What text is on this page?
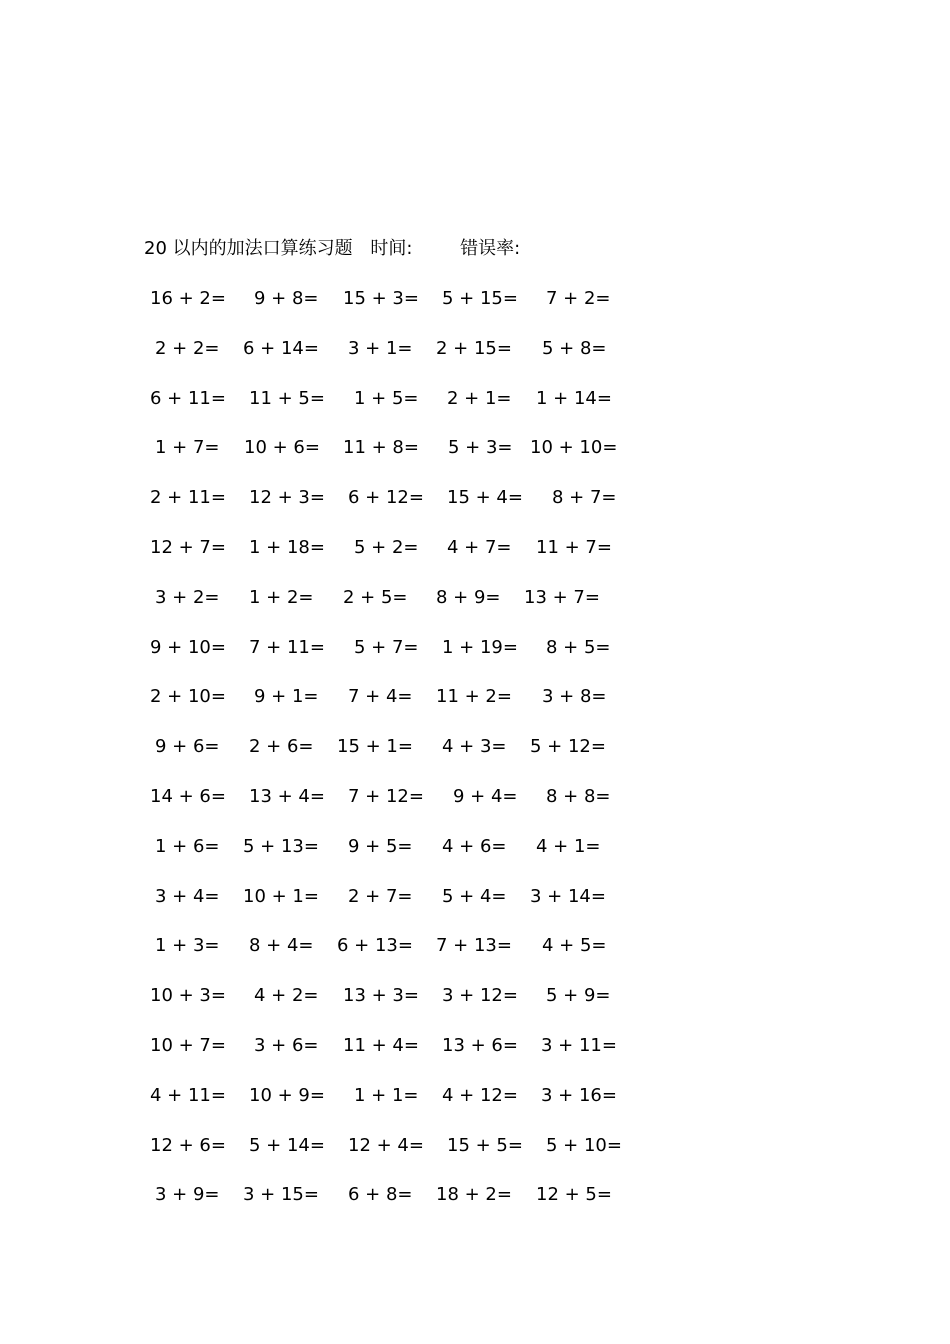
20 以内的加法口算练习题 时间:	错误率:
16 + 2= 9 + 8= 15 + 3= 5 + 15= 7 + 2=
2 + 2= 6 + 14= 3 + 1= 2 + 15= 5 + 8=
6 + 11= 11 + 5= 1 + 5= 2 + 1= 1 + 14=
1 + 7= 10 + 6= 11 + 8= 5 + 3= 10 + 10=
2 + 11= 12 + 3= 6 + 12= 15 + 4= 8 + 7=
12 + 7= 1 + 18= 5 + 2= 4 + 7= 11 + 7=
3 + 2= 1 + 2= 2 + 5= 8 + 9= 13 + 7=
9 + 10= 7 + 11= 5 + 7= 1 + 19= 8 + 5=
2 + 10= 9 + 1= 7 + 4= 11 + 2= 3 + 8=
9 + 6= 2 + 6= 15 + 1= 4 + 3= 5 + 12=
14 + 6= 13 + 4= 7 + 12= 9 + 4= 8 + 8=
1 + 6= 5 + 13= 9 + 5= 4 + 6= 4 + 1=
3 + 4= 10 + 1= 2 + 7= 5 + 4= 3 + 14=
1 + 3= 8 + 4= 6 + 13= 7 + 13= 4 + 5=
10 + 3= 4 + 2= 13 + 3= 3 + 12= 5 + 9=
10 + 7= 3 + 6= 11 + 4= 13 + 6= 3 + 11=
4 + 11= 10 + 9= 1 + 1= 4 + 12= 3 + 16=
12 + 6= 5 + 14= 12 + 4= 15 + 5= 5 + 10=
3 + 9= 3 + 15= 6 + 8= 18 + 2= 12 + 5=
